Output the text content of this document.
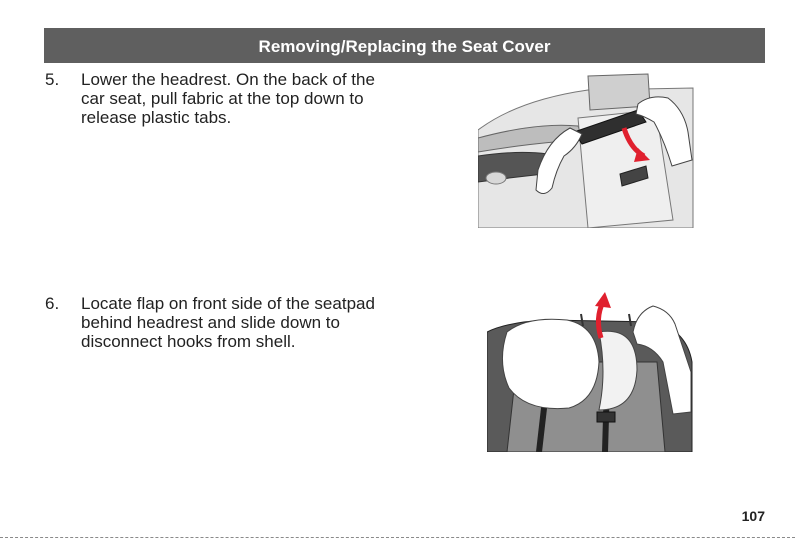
Removing/Replacing the Seat Cover
5.	Lower the headrest. On the back of the car seat, pull fabric at the top down to release plastic tabs.
6.	Locate flap on front side of the seatpad behind headrest and slide down to disconnect hooks from shell.
107
